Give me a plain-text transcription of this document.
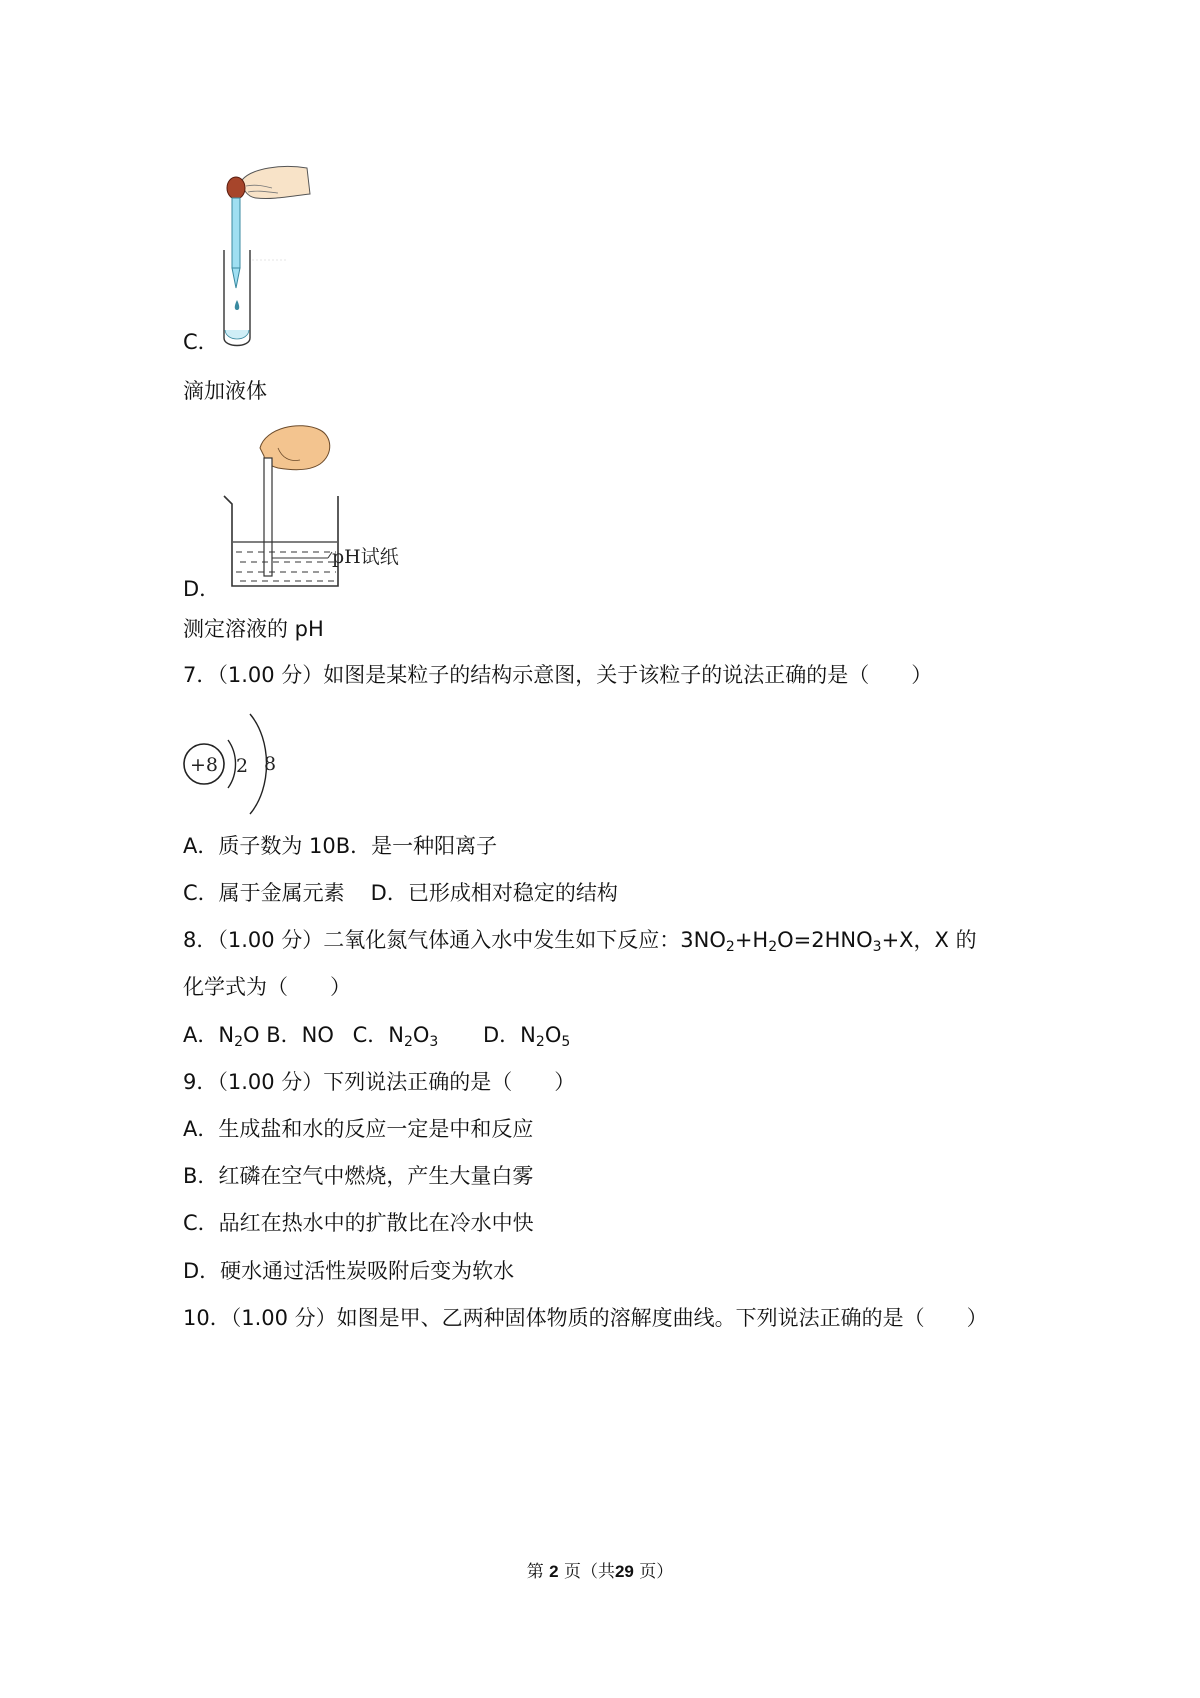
C．
滴加液体
pH试纸
D．
测定溶液的 pH
7．（1.00 分）如图是某粒子的结构示意图，关于该粒子的说法正确的是（　　）
+8 2 8
A．质子数为 10B．是一种阳离子
C．属于金属元素 D．已形成相对稳定的结构
8．（1.00 分）二氧化氮气体通入水中发生如下反应：$3NO_2+H_2O=2HNO_3+X$，X 的
化学式为（　　）
A．$N_2O$ B．NO C．$N_2O_3$ D．$N_2O_5$
9．（1.00 分）下列说法正确的是（　　）
A．生成盐和水的反应一定是中和反应
B．红磷在空气中燃烧，产生大量白雾
C．品红在热水中的扩散比在冷水中快
D．硬水通过活性炭吸附后变为软水
10．（1.00 分）如图是甲、乙两种固体物质的溶解度曲线。下列说法正确的是（　　）
第 2 页（共29 页）
